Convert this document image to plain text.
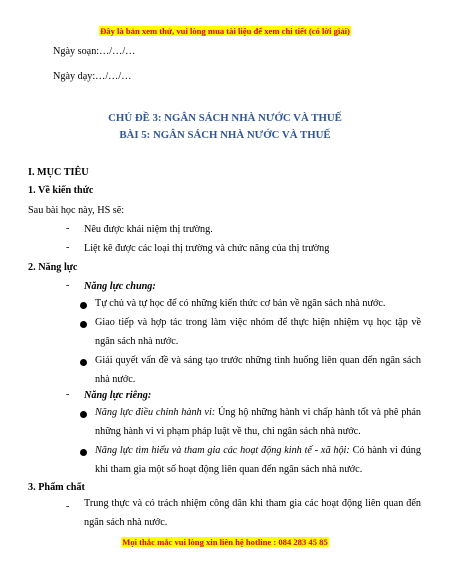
Đây là bản xem thử, vui lòng mua tài liệu để xem chi tiết (có lời giải)
Ngày soạn:…/…/…
Ngày dạy:…/…/…
CHỦ ĐỀ 3: NGÂN SÁCH NHÀ NƯỚC VÀ THUẾ
BÀI 5: NGÂN SÁCH NHÀ NƯỚC VÀ THUẾ
I. MỤC TIÊU
1. Về kiến thức
Sau bài học này, HS sẽ:
- Nêu được khái niệm thị trường.
- Liệt kê được các loại thị trường và chức năng của thị trường
2. Năng lực
- Năng lực chung:
Tự chủ và tự học để có những kiến thức cơ bản về ngân sách nhà nước.
Giao tiếp và hợp tác trong làm việc nhóm để thực hiện nhiệm vụ học tập về ngân sách nhà nước.
Giải quyết vấn đề và sáng tạo trước những tình huống liên quan đến ngân sách nhà nước.
- Năng lực riêng:
Năng lực điều chỉnh hành vi: Ủng hộ những hành vi chấp hành tốt và phê phán những hành vi vi phạm pháp luật về thu, chi ngân sách nhà nước.
Năng lực tìm hiểu và tham gia các hoạt động kinh tế - xã hội: Có hành vi đúng khi tham gia một số hoạt động liên quan đến ngân sách nhà nước.
3. Phẩm chất
- Trung thực và có trách nhiệm công dân khi tham gia các hoạt động liên quan đến ngân sách nhà nước.
Mọi thắc mắc vui lòng xin liên hệ hotline : 084 283 45 85
